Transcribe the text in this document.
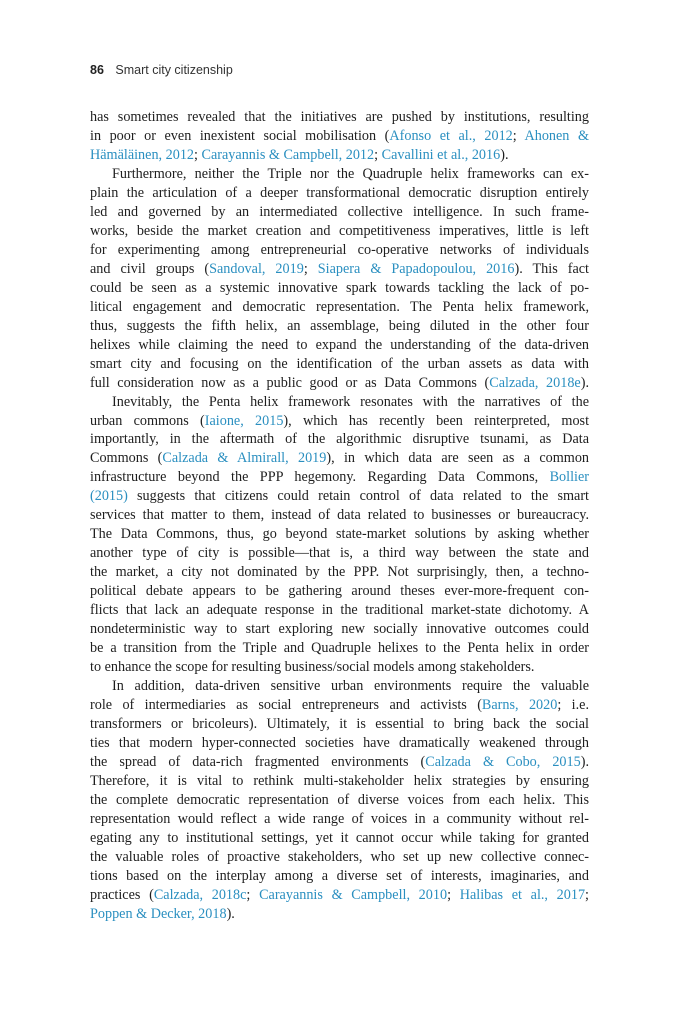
86 Smart city citizenship
has sometimes revealed that the initiatives are pushed by institutions, resulting
in poor or even inexistent social mobilisation (Afonso et al., 2012; Ahonen &
Hämäläinen, 2012; Carayannis & Campbell, 2012; Cavallini et al., 2016).
Furthermore, neither the Triple nor the Quadruple helix frameworks can ex-
plain the articulation of a deeper transformational democratic disruption entirely
led and governed by an intermediated collective intelligence. In such frame-
works, beside the market creation and competitiveness imperatives, little is left
for experimenting among entrepreneurial co-operative networks of individuals
and civil groups (Sandoval, 2019; Siapera & Papadopoulou, 2016). This fact
could be seen as a systemic innovative spark towards tackling the lack of po-
litical engagement and democratic representation. The Penta helix framework,
thus, suggests the fifth helix, an assemblage, being diluted in the other four
helixes while claiming the need to expand the understanding of the data-driven
smart city and focusing on the identification of the urban assets as data with
full consideration now as a public good or as Data Commons (Calzada, 2018e).
Inevitably, the Penta helix framework resonates with the narratives of the
urban commons (Iaione, 2015), which has recently been reinterpreted, most
importantly, in the aftermath of the algorithmic disruptive tsunami, as Data
Commons (Calzada & Almirall, 2019), in which data are seen as a common
infrastructure beyond the PPP hegemony. Regarding Data Commons, Bollier
(2015) suggests that citizens could retain control of data related to the smart
services that matter to them, instead of data related to businesses or bureaucracy.
The Data Commons, thus, go beyond state-market solutions by asking whether
another type of city is possible—that is, a third way between the state and
the market, a city not dominated by the PPP. Not surprisingly, then, a techno-
political debate appears to be gathering around theses ever-more-frequent con-
flicts that lack an adequate response in the traditional market-state dichotomy. A
nondeterministic way to start exploring new socially innovative outcomes could
be a transition from the Triple and Quadruple helixes to the Penta helix in order
to enhance the scope for resulting business/social models among stakeholders.
In addition, data-driven sensitive urban environments require the valuable
role of intermediaries as social entrepreneurs and activists (Barns, 2020; i.e.
transformers or bricoleurs). Ultimately, it is essential to bring back the social
ties that modern hyper-connected societies have dramatically weakened through
the spread of data-rich fragmented environments (Calzada & Cobo, 2015).
Therefore, it is vital to rethink multi-stakeholder helix strategies by ensuring
the complete democratic representation of diverse voices from each helix. This
representation would reflect a wide range of voices in a community without rel-
egating any to institutional settings, yet it cannot occur while taking for granted
the valuable roles of proactive stakeholders, who set up new collective connec-
tions based on the interplay among a diverse set of interests, imaginaries, and
practices (Calzada, 2018c; Carayannis & Campbell, 2010; Halibas et al., 2017;
Poppen & Decker, 2018).
